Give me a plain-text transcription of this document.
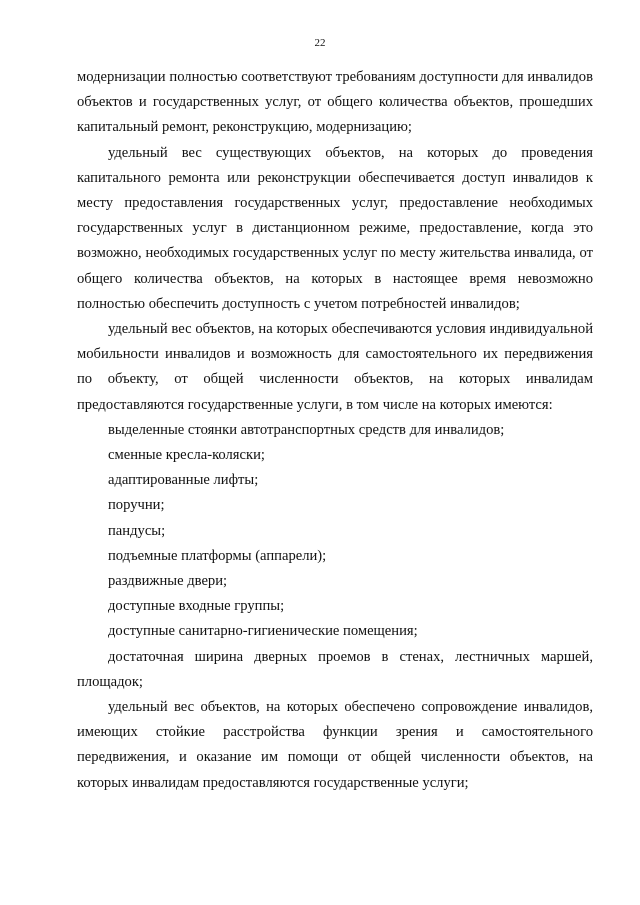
22

модернизации полностью соответствуют требованиям доступности для инвалидов объектов и государственных услуг, от общего количества объектов, прошедших капитальный ремонт, реконструкцию, модернизацию;

удельный вес существующих объектов, на которых до проведения капитального ремонта или реконструкции обеспечивается доступ инвалидов к месту предоставления государственных услуг, предоставление необходимых государственных услуг в дистанционном режиме, предоставление, когда это возможно, необходимых государственных услуг по месту жительства инвалида, от общего количества объектов, на которых в настоящее время невозможно полностью обеспечить доступность с учетом потребностей инвалидов;

удельный вес объектов, на которых обеспечиваются условия индивидуальной мобильности инвалидов и возможность для самостоятельного их передвижения по объекту, от общей численности объектов, на которых инвалидам предоставляются государственные услуги, в том числе на которых имеются:

выделенные стоянки автотранспортных средств для инвалидов;

сменные кресла-коляски;

адаптированные лифты;

поручни;

пандусы;

подъемные платформы (аппарели);

раздвижные двери;

доступные входные группы;

доступные санитарно-гигиенические помещения;

достаточная ширина дверных проемов в стенах, лестничных маршей, площадок;

удельный вес объектов, на которых обеспечено сопровождение инвалидов, имеющих стойкие расстройства функции зрения и самостоятельного передвижения, и оказание им помощи от общей численности объектов, на которых инвалидам предоставляются государственные услуги;
